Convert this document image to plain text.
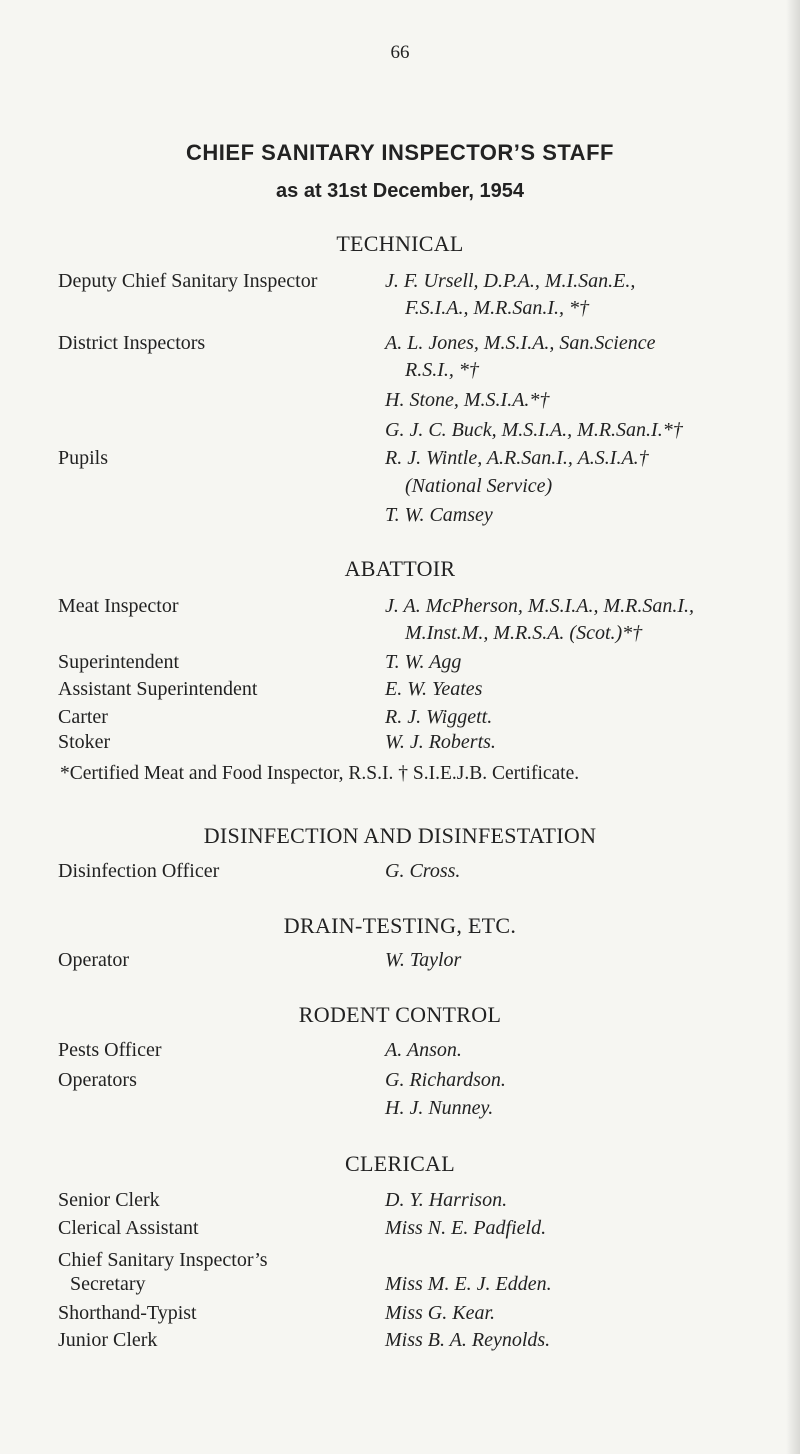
66
CHIEF SANITARY INSPECTOR’S STAFF
as at 31st December, 1954
TECHNICAL
Deputy Chief Sanitary Inspector	J. F. Ursell, D.P.A., M.I.San.E.,
F.S.I.A., M.R.San.I., *†
District Inspectors	A. L. Jones, M.S.I.A., San.Science
R.S.I., *†
H. Stone, M.S.I.A.*†
G. J. C. Buck, M.S.I.A., M.R.San.I.*†
Pupils	R. J. Wintle, A.R.San.I., A.S.I.A.†
(National Service)
T. W. Camsey
ABATTOIR
Meat Inspector	J. A. McPherson, M.S.I.A., M.R.San.I.,
M.Inst.M., M.R.S.A. (Scot.)*†
Superintendent	T. W. Agg
Assistant Superintendent	E. W. Yeates
Carter	R. J. Wiggett.
Stoker	W. J. Roberts.
*Certified Meat and Food Inspector, R.S.I. † S.I.E.J.B. Certificate.
DISINFECTION AND DISINFESTATION
Disinfection Officer	G. Cross.
DRAIN-TESTING, ETC.
Operator	W. Taylor
RODENT CONTROL
Pests Officer	A. Anson.
Operators	G. Richardson.
H. J. Nunney.
CLERICAL
Senior Clerk	D. Y. Harrison.
Clerical Assistant	Miss N. E. Padfield.
Chief Sanitary Inspector’s
Secretary	Miss M. E. J. Edden.
Shorthand-Typist	Miss G. Kear.
Junior Clerk	Miss B. A. Reynolds.
